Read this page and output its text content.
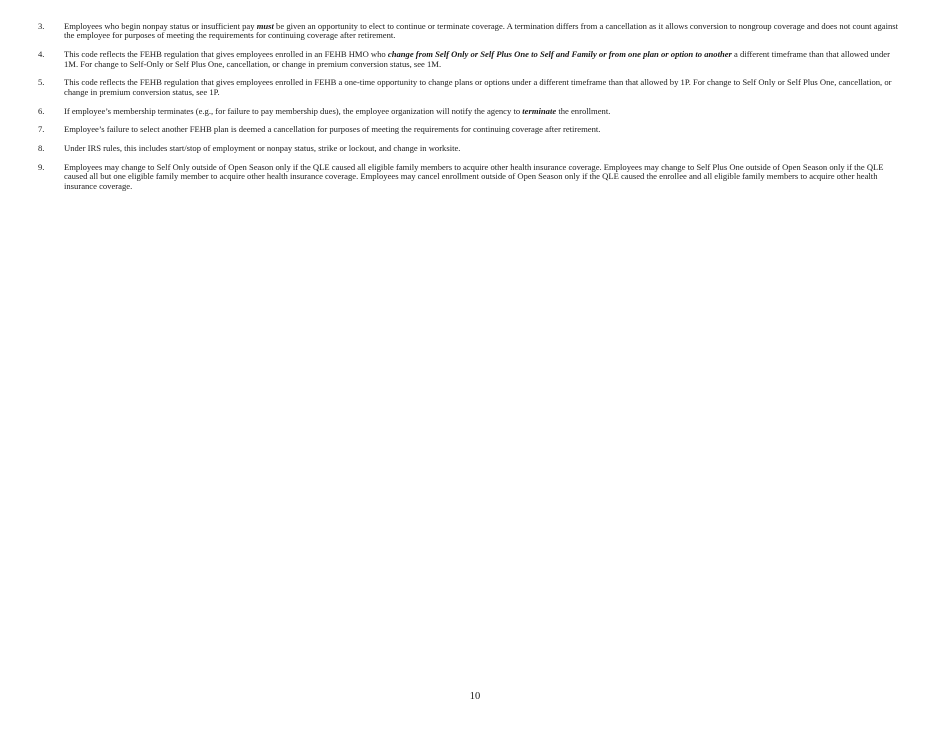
3.	Employees who begin nonpay status or insufficient pay must be given an opportunity to elect to continue or terminate coverage. A termination differs from a cancellation as it allows conversion to nongroup coverage and does not count against the employee for purposes of meeting the requirements for continuing coverage after retirement.
4.	This code reflects the FEHB regulation that gives employees enrolled in an FEHB HMO who change from Self Only or Self Plus One to Self and Family or from one plan or option to another a different timeframe than that allowed under 1M. For change to Self-Only or Self Plus One, cancellation, or change in premium conversion status, see 1M.
5.	This code reflects the FEHB regulation that gives employees enrolled in FEHB a one-time opportunity to change plans or options under a different timeframe than that allowed by 1P. For change to Self Only or Self Plus One, cancellation, or change in premium conversion status, see 1P.
6.	If employee’s membership terminates (e.g., for failure to pay membership dues), the employee organization will notify the agency to terminate the enrollment.
7.	Employee’s failure to select another FEHB plan is deemed a cancellation for purposes of meeting the requirements for continuing coverage after retirement.
8.	Under IRS rules, this includes start/stop of employment or nonpay status, strike or lockout, and change in worksite.
9.	Employees may change to Self Only outside of Open Season only if the QLE caused all eligible family members to acquire other health insurance coverage. Employees may change to Self Plus One outside of Open Season only if the QLE caused all but one eligible family member to acquire other health insurance coverage. Employees may cancel enrollment outside of Open Season only if the QLE caused the enrollee and all eligible family members to acquire other health insurance coverage.
10
